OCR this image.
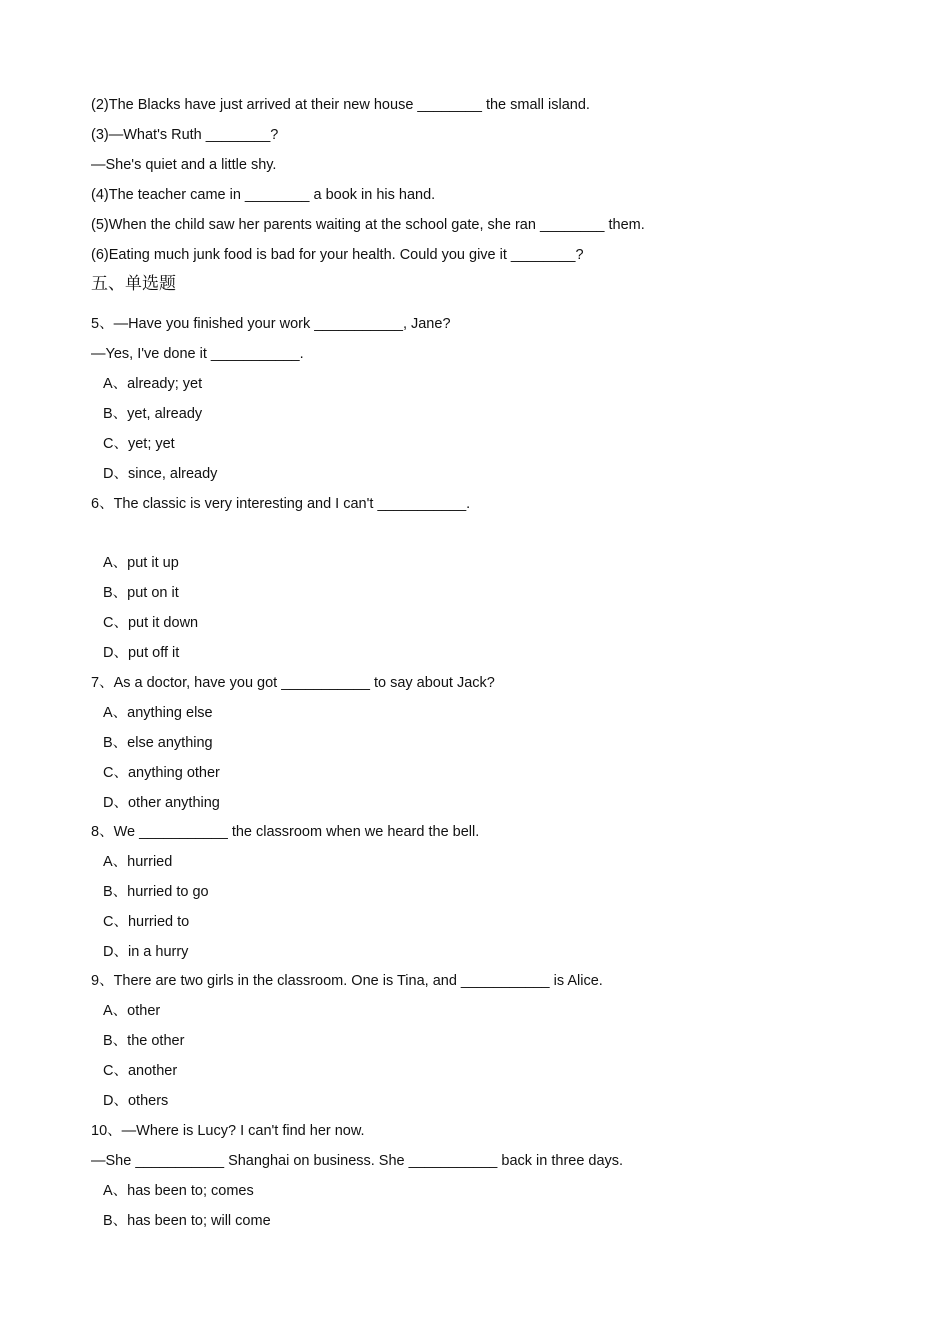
(2)The Blacks have just arrived at their new house ________ the small island.
(3)—What's Ruth ________?
—She's quiet and a little shy.
(4)The teacher came in ________ a book in his hand.
(5)When the child saw her parents waiting at the school gate, she ran ________ them.
(6)Eating much junk food is bad for your health. Could you give it ________?
五、单选题
5、—Have you finished your work ___________, Jane?
—Yes, I've done it ___________.
A、already; yet
B、yet, already
C、yet; yet
D、since, already
6、The classic is very interesting and I can't ___________.
A、put it up
B、put on it
C、put it down
D、put off it
7、As a doctor, have you got ___________ to say about Jack?
A、anything else
B、else anything
C、anything other
D、other anything
8、We ___________ the classroom when we heard the bell.
A、hurried
B、hurried to go
C、hurried to
D、in a hurry
9、There are two girls in the classroom. One is Tina, and ___________ is Alice.
A、other
B、the other
C、another
D、others
10、—Where is Lucy? I can't find her now.
—She ___________ Shanghai on business. She ___________ back in three days.
A、has been to; comes
B、has been to; will come
